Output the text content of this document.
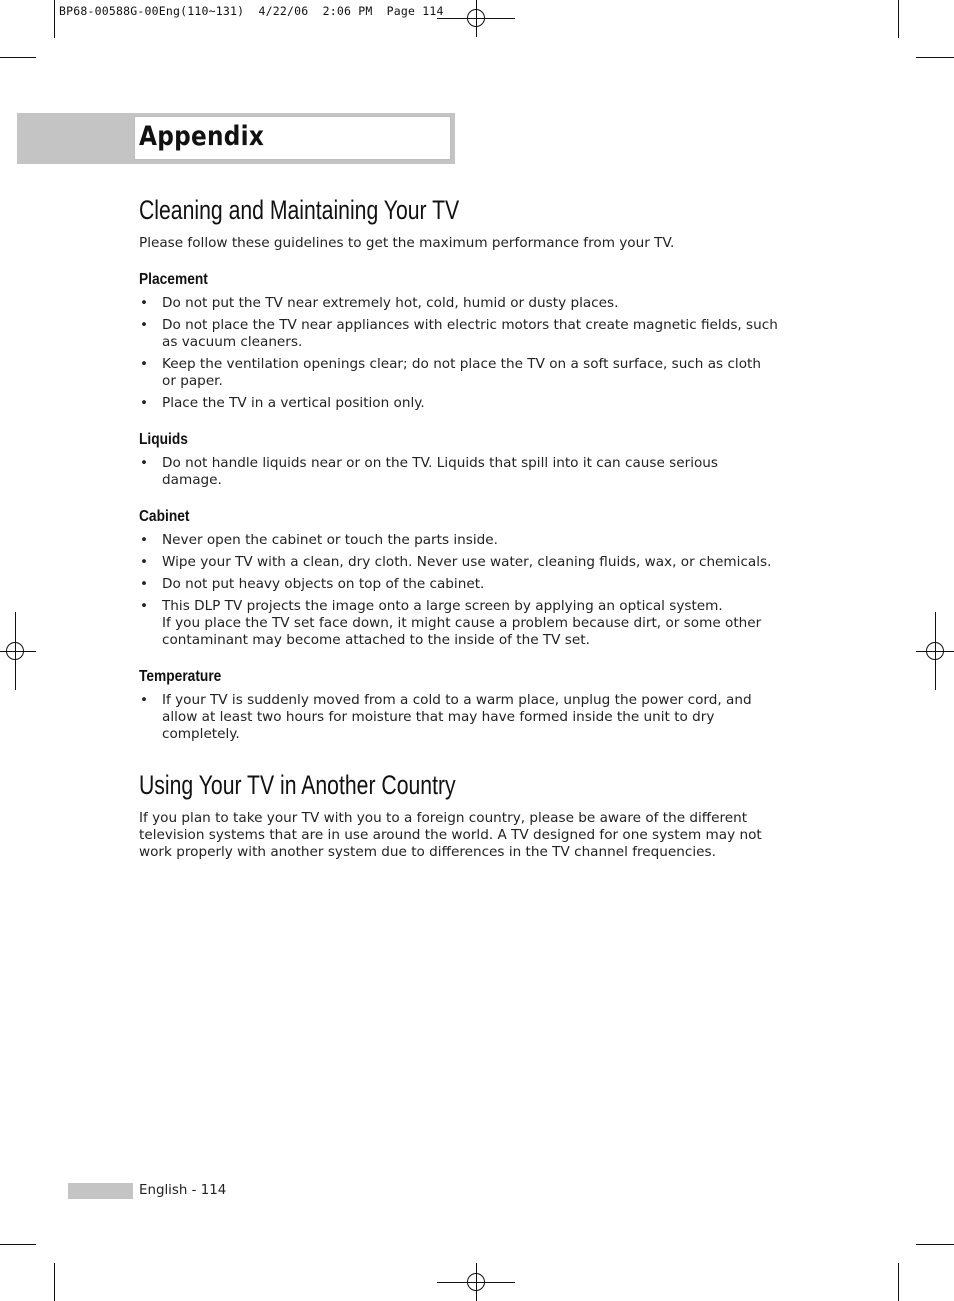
BP68-00588G-00Eng(110~131)  4/22/06  2:06 PM  Page 114
Appendix
Cleaning and Maintaining Your TV

Please follow these guidelines to get the maximum performance from your TV.

Placement
• Do not put the TV near extremely hot, cold, humid or dusty places.
• Do not place the TV near appliances with electric motors that create magnetic fields, such as vacuum cleaners.
• Keep the ventilation openings clear; do not place the TV on a soft surface, such as cloth or paper.
• Place the TV in a vertical position only.
Liquids
• Do not handle liquids near or on the TV. Liquids that spill into it can cause serious damage.
Cabinet
• Never open the cabinet or touch the parts inside.
• Wipe your TV with a clean, dry cloth. Never use water, cleaning fluids, wax, or chemicals.
• Do not put heavy objects on top of the cabinet.
• This DLP TV projects the image onto a large screen by applying an optical system.
If you place the TV set face down, it might cause a problem because dirt, or some other contaminant may become attached to the inside of the TV set.
Temperature
• If your TV is suddenly moved from a cold to a warm place, unplug the power cord, and allow at least two hours for moisture that may have formed inside the unit to dry completely.
Using Your TV in Another Country

If you plan to take your TV with you to a foreign country, please be aware of the different television systems that are in use around the world. A TV designed for one system may not work properly with another system due to differences in the TV channel frequencies.

English - 114
